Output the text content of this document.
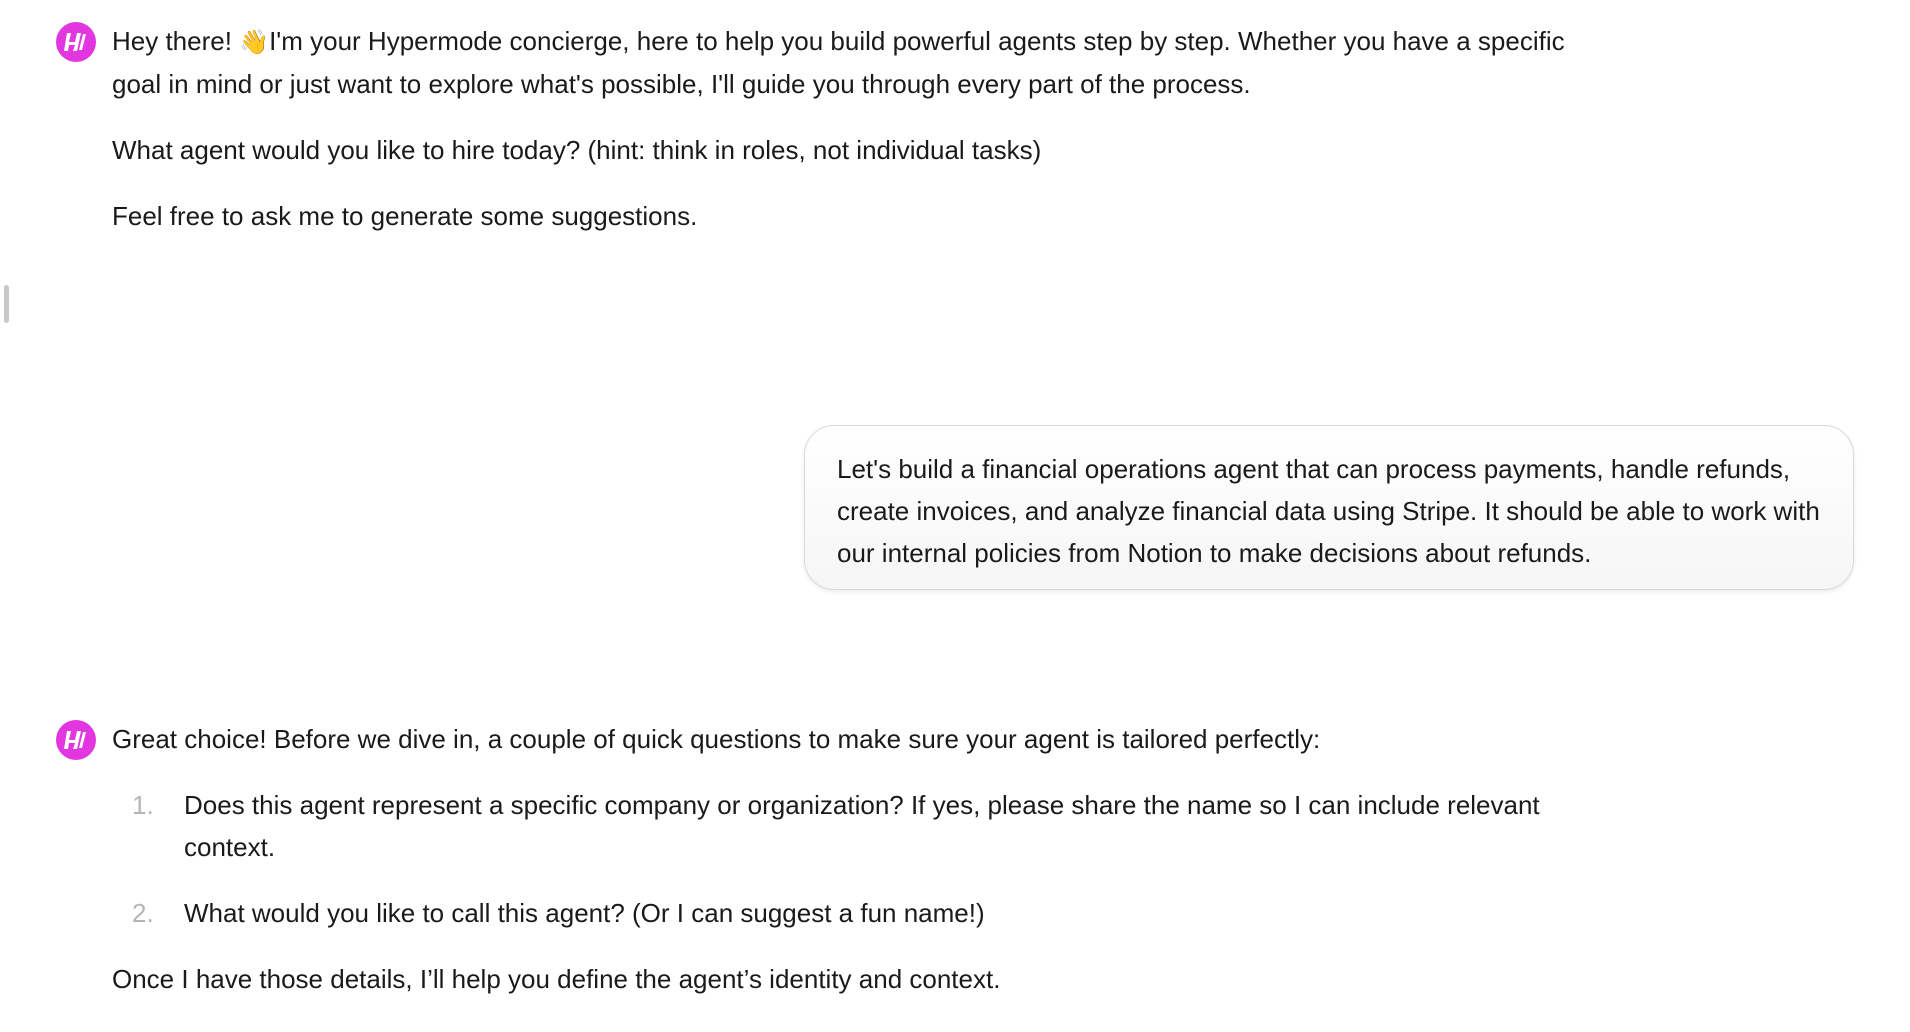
Hey there! 👋I'm your Hypermode concierge, here to help you build powerful agents step by step. Whether you have a specific goal in mind or just want to explore what's possible, I'll guide you through every part of the process.

What agent would you like to hire today? (hint: think in roles, not individual tasks)

Feel free to ask me to generate some suggestions.

Let's build a financial operations agent that can process payments, handle refunds, create invoices, and analyze financial data using Stripe. It should be able to work with our internal policies from Notion to make decisions about refunds.

Great choice! Before we dive in, a couple of quick questions to make sure your agent is tailored perfectly:

1. Does this agent represent a specific company or organization? If yes, please share the name so I can include relevant context.
2. What would you like to call this agent? (Or I can suggest a fun name!)

Once I have those details, I’ll help you define the agent’s identity and context.
